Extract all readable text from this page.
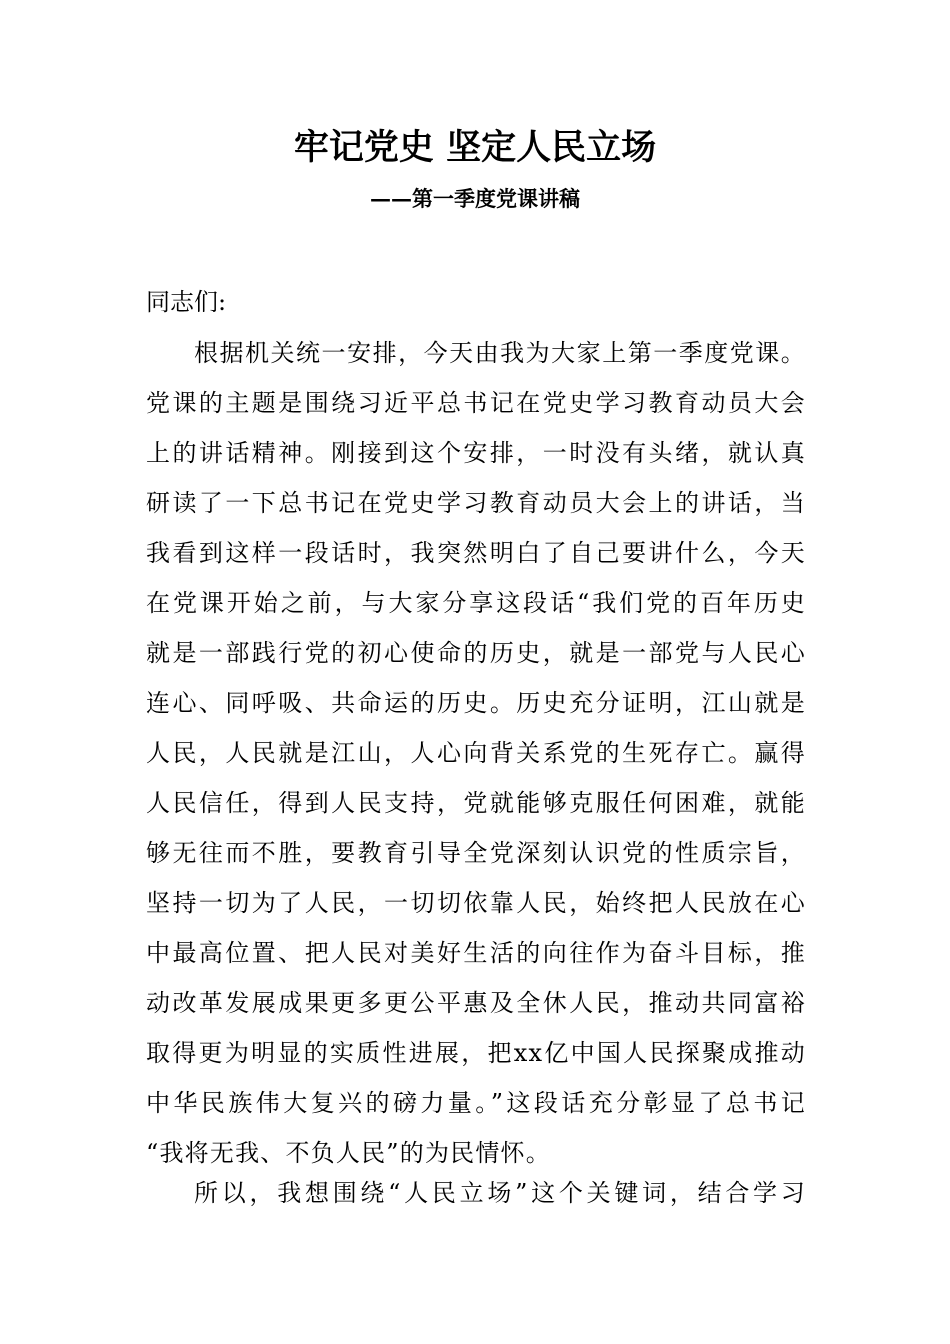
牢记党史 坚定人民立场
——第一季度党课讲稿
同志们:
根据机关统一安排，今天由我为大家上第一季度党课。
党课的主题是围绕习近平总书记在党史学习教育动员大会
上的讲话精神。刚接到这个安排，一时没有头绪，就认真
研读了一下总书记在党史学习教育动员大会上的讲话，当
我看到这样一段话时，我突然明白了自己要讲什么，今天
在党课开始之前，与大家分享这段话“我们党的百年历史
就是一部践行党的初心使命的历史，就是一部党与人民心
连心、同呼吸、共命运的历史。历史充分证明，江山就是
人民，人民就是江山，人心向背关系党的生死存亡。赢得
人民信任，得到人民支持，党就能够克服任何困难，就能
够无往而不胜，要教育引导全党深刻认识党的性质宗旨，
坚持一切为了人民，一切切依靠人民，始终把人民放在心
中最高位置、把人民对美好生活的向往作为奋斗目标，推
动改革发展成果更多更公平惠及全休人民，推动共同富裕
取得更为明显的实质性进展，把xx亿中国人民探聚成推动
中华民族伟大复兴的磅力量。”这段话充分彰显了总书记
“我将无我、不负人民”的为民情怀。
所以，我想围绕“人民立场”这个关键词，结合学习
